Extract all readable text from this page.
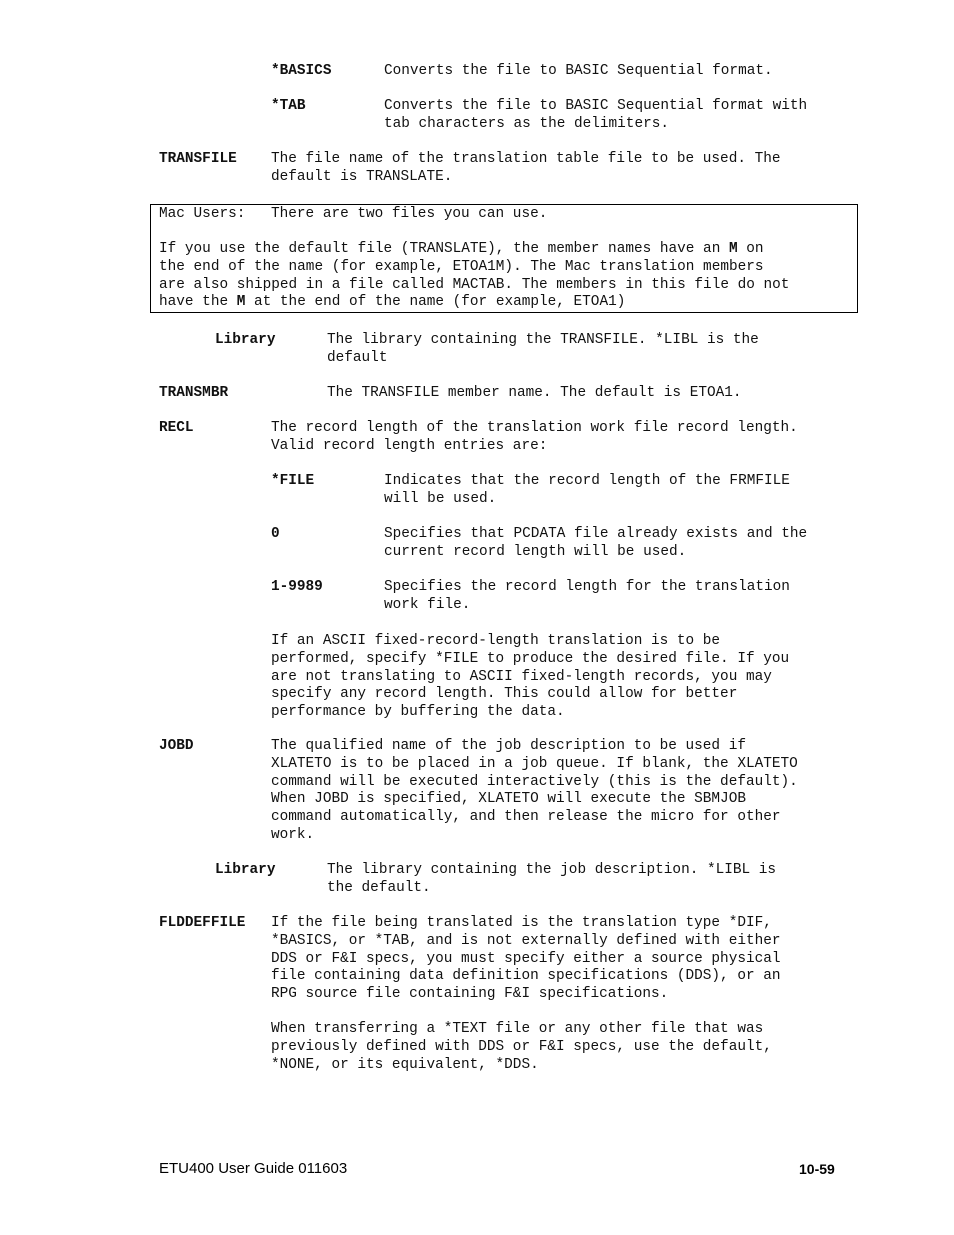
*BASICS	Converts the file to BASIC Sequential format.
*TAB	Converts the file to BASIC Sequential format with
tab characters as the delimiters.
TRANSFILE The file name of the translation table file to be used. The
default is TRANSLATE.
Library	The library containing the TRANSFILE. *LIBL is the
default
TRANSMBR	The TRANSFILE member name. The default is ETOA1.
RECL	The record length of the translation work file record length.
Valid record length entries are:
*FILE	Indicates that the record length of the FRMFILE
will be used.
0	Specifies that PCDATA file already exists and the
current record length will be used.
1-9989	Specifies the record length for the translation
work file.
If an ASCII fixed-record-length translation is to be
performed, specify *FILE to produce the desired file. If you
are not translating to ASCII fixed-length records, you may
specify any record length. This could allow for better
performance by buffering the data.
JOBD	The qualified name of the job description to be used if
XLATETO is to be placed in a job queue. If blank, the XLATETO
command will be executed interactively (this is the default).
When JOBD is specified, XLATETO will execute the SBMJOB
command automatically, and then release the micro for other
work.
Library	The library containing the job description. *LIBL is
the default.
FLDDEFFILE If the file being translated is the translation type *DIF,
*BASICS, or *TAB, and is not externally defined with either
DDS or F&I specs, you must specify either a source physical
file containing data definition specifications (DDS), or an
RPG source file containing F&I specifications.
When transferring a *TEXT file or any other file that was
previously defined with DDS or F&I specs, use the default,
*NONE, or its equivalent, *DDS.
Mac Users: There are two files you can use.
If you use the default file (TRANSLATE), the member names have an M on
the end of the name (for example, ETOA1M). The Mac translation members
are also shipped in a file called MACTAB. The members in this file do not
have the M at the end of the name (for example, ETOA1)
ETU400 User Guide 011603	10-59
